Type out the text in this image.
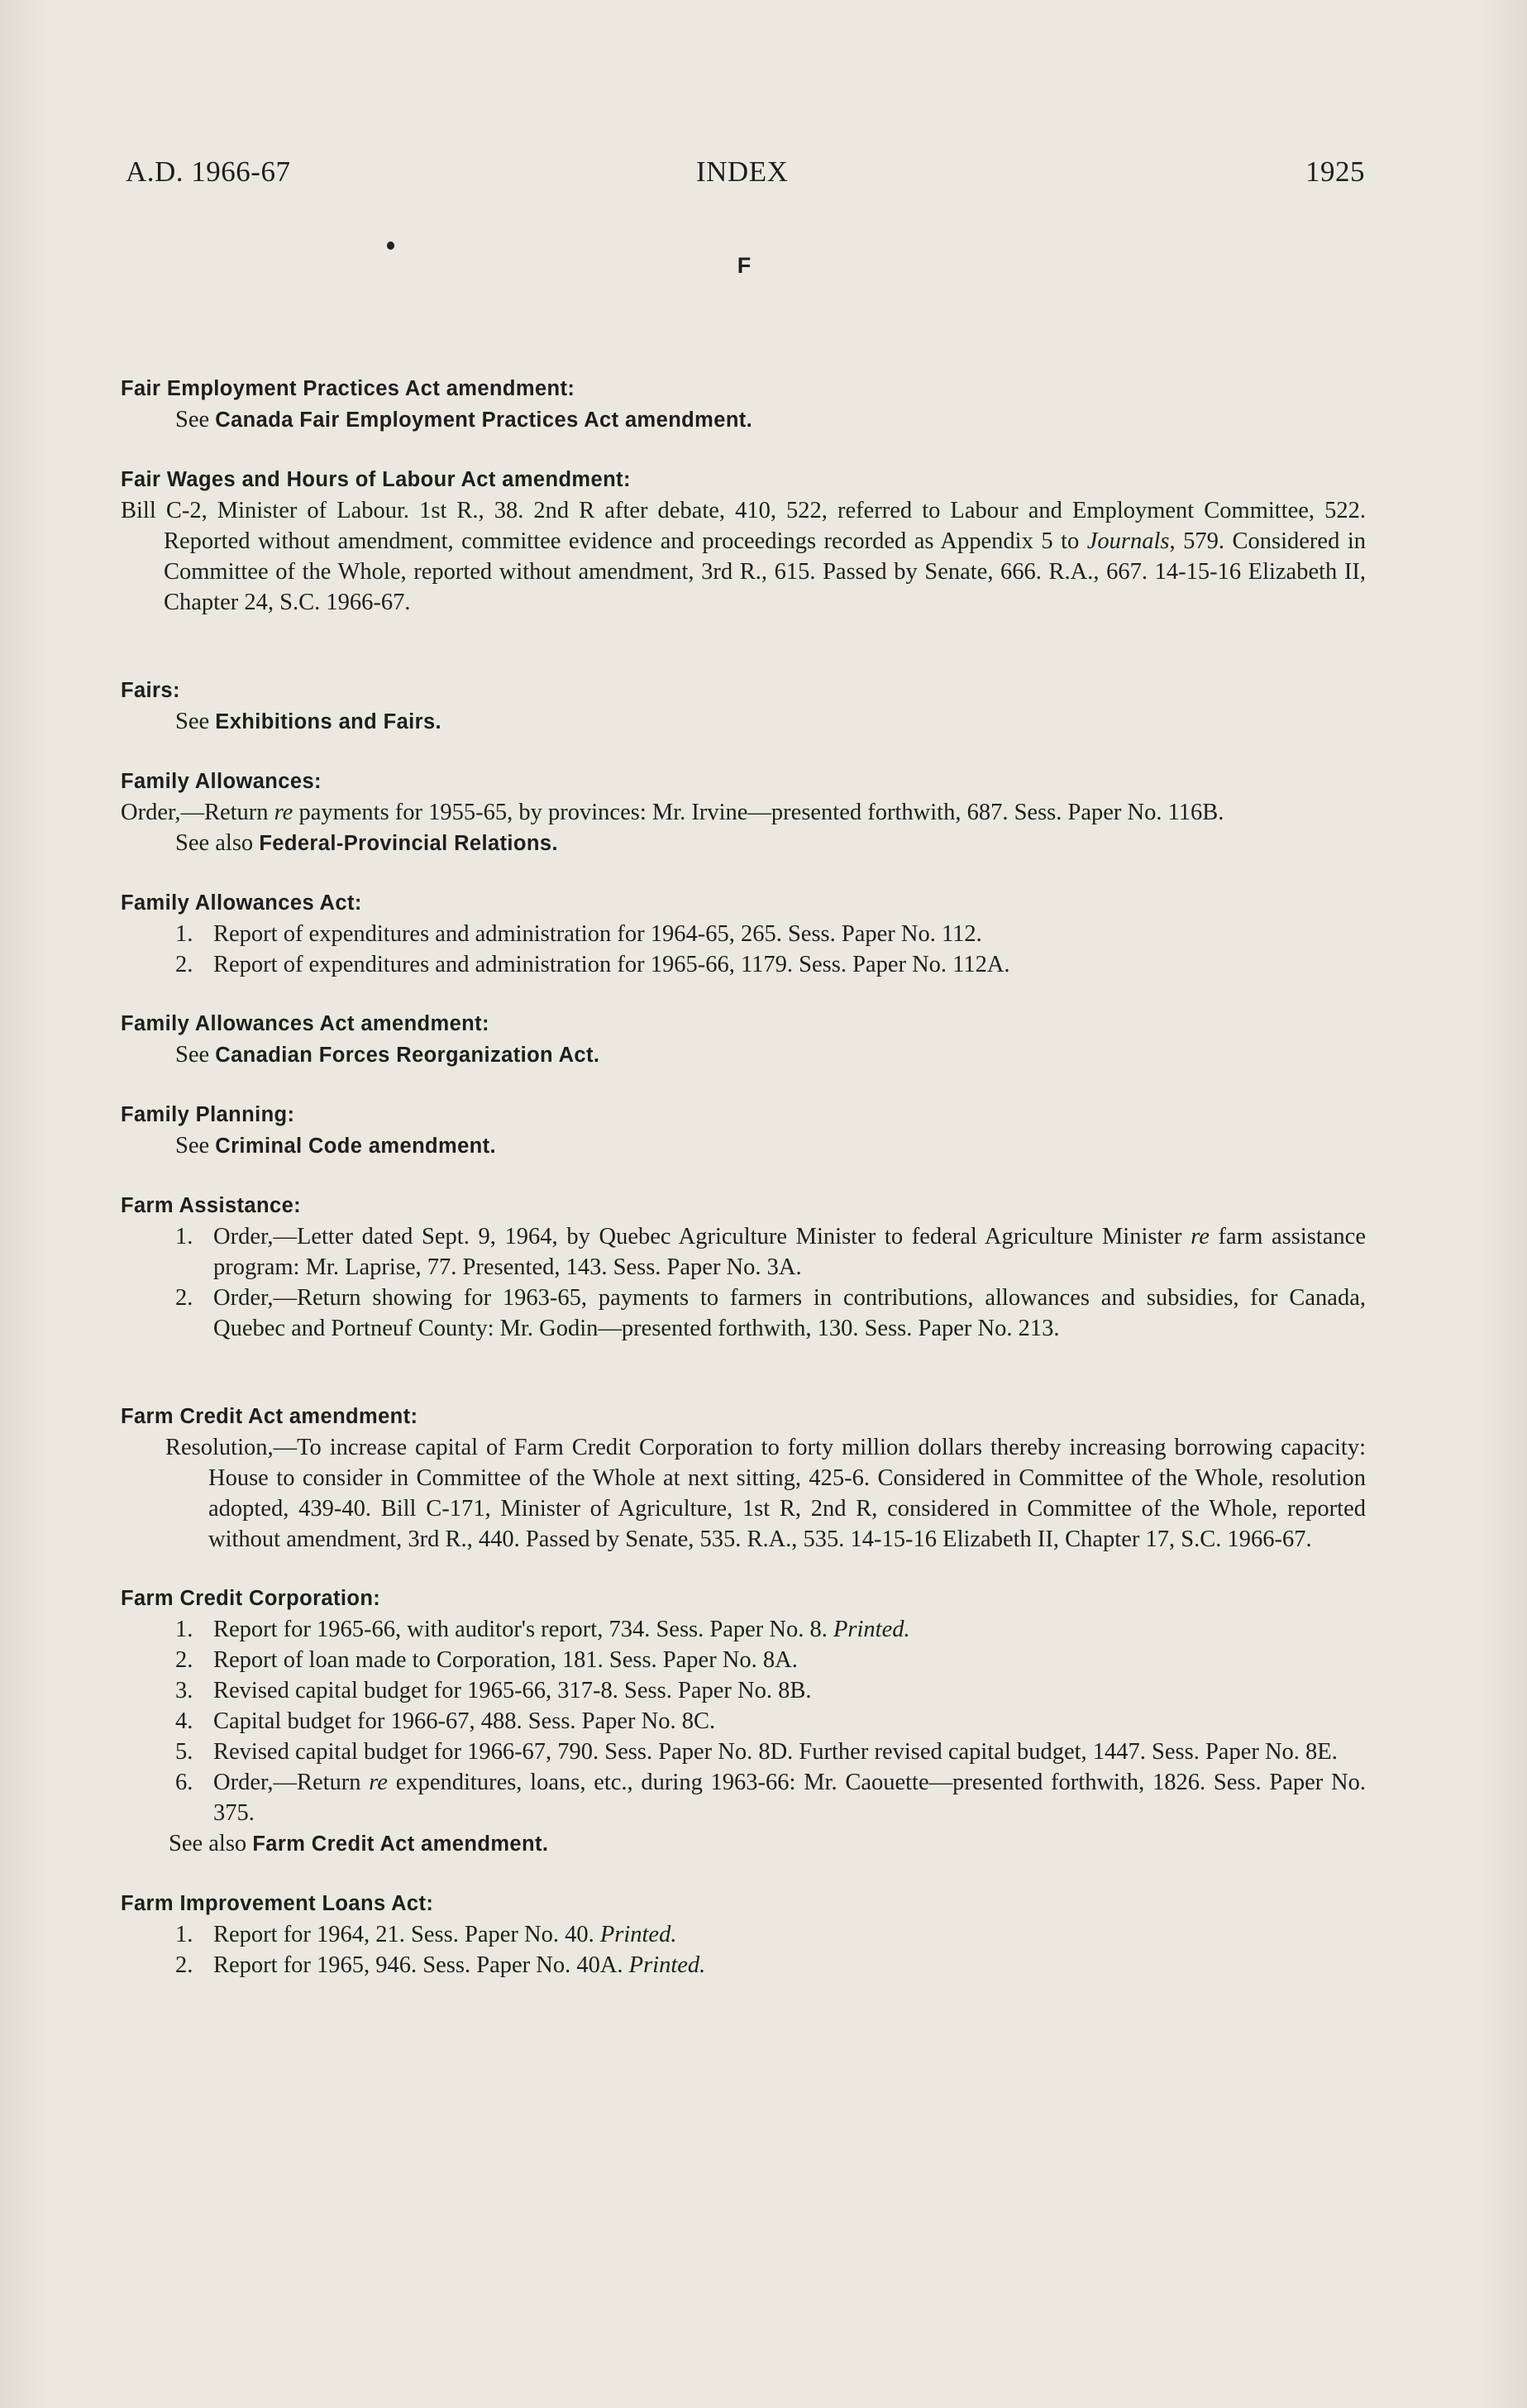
A.D. 1966-67	INDEX	1925
F
Fair Employment Practices Act amendment:
See Canada Fair Employment Practices Act amendment.
Fair Wages and Hours of Labour Act amendment:
Bill C-2, Minister of Labour. 1st R., 38. 2nd R after debate, 410, 522, referred to Labour and Employment Committee, 522. Reported without amendment, committee evidence and proceedings recorded as Appendix 5 to Journals, 579. Considered in Committee of the Whole, reported without amendment, 3rd R., 615. Passed by Senate, 666. R.A., 667. 14-15-16 Elizabeth II, Chapter 24, S.C. 1966-67.
Fairs:
See Exhibitions and Fairs.
Family Allowances:
Order,—Return re payments for 1955-65, by provinces: Mr. Irvine—presented forthwith, 687. Sess. Paper No. 116B.
See also Federal-Provincial Relations.
Family Allowances Act:
1. Report of expenditures and administration for 1964-65, 265. Sess. Paper No. 112.
2. Report of expenditures and administration for 1965-66, 1179. Sess. Paper No. 112A.
Family Allowances Act amendment:
See Canadian Forces Reorganization Act.
Family Planning:
See Criminal Code amendment.
Farm Assistance:
1. Order,—Letter dated Sept. 9, 1964, by Quebec Agriculture Minister to federal Agriculture Minister re farm assistance program: Mr. Laprise, 77. Presented, 143. Sess. Paper No. 3A.
2. Order,—Return showing for 1963-65, payments to farmers in contributions, allowances and subsidies, for Canada, Quebec and Portneuf County: Mr. Godin—presented forthwith, 130. Sess. Paper No. 213.
Farm Credit Act amendment:
Resolution,—To increase capital of Farm Credit Corporation to forty million dollars thereby increasing borrowing capacity: House to consider in Committee of the Whole at next sitting, 425-6. Considered in Committee of the Whole, resolution adopted, 439-40. Bill C-171, Minister of Agriculture, 1st R, 2nd R, considered in Committee of the Whole, reported without amendment, 3rd R., 440. Passed by Senate, 535. R.A., 535. 14-15-16 Elizabeth II, Chapter 17, S.C. 1966-67.
Farm Credit Corporation:
1. Report for 1965-66, with auditor's report, 734. Sess. Paper No. 8. Printed.
2. Report of loan made to Corporation, 181. Sess. Paper No. 8A.
3. Revised capital budget for 1965-66, 317-8. Sess. Paper No. 8B.
4. Capital budget for 1966-67, 488. Sess. Paper No. 8C.
5. Revised capital budget for 1966-67, 790. Sess. Paper No. 8D. Further revised capital budget, 1447. Sess. Paper No. 8E.
6. Order,—Return re expenditures, loans, etc., during 1963-66: Mr. Caouette—presented forthwith, 1826. Sess. Paper No. 375.
See also Farm Credit Act amendment.
Farm Improvement Loans Act:
1. Report for 1964, 21. Sess. Paper No. 40. Printed.
2. Report for 1965, 946. Sess. Paper No. 40A. Printed.
